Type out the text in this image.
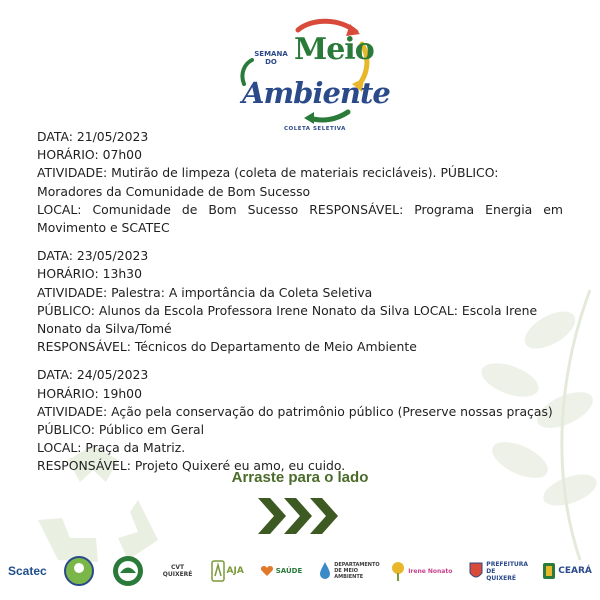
SEMANA DO Meio
Ambiente
COLETA SELETIVA

DATA: 21/05/2023

HORÁRIO: 07h00

ATIVIDADE: Mutirão de limpeza (coleta de materiais recicláveis). PÚBLICO:

Moradores da Comunidade de Bom Sucesso

LOCAL: Comunidade de Bom Sucesso RESPONSÁVEL: Programa Energia em

Movimento e SCATEC

DATA: 23/05/2023

HORÁRIO: 13h30

ATIVIDADE: Palestra: A importância da Coleta Seletiva

PÚBLICO: Alunos da Escola Professora Irene Nonato da Silva LOCAL: Escola Irene

Nonato da Silva/Tomé

RESPONSÁVEL: Técnicos do Departamento de Meio Ambiente

DATA: 24/05/2023

HORÁRIO: 19h00

ATIVIDADE: Ação pela conservação do patrimônio público (Preserve nossas praças)

PÚBLICO: Público em Geral

LOCAL: Praça da Matriz.

RESPONSÁVEL: Projeto Quixeré eu amo, eu cuido.

Arraste para o lado
Scatec	CVT QUIXERÉ	AJA	SAÚDE
DEPARTAMENTO DE MEIO AMBIENTE
Irene Nonato
PREFEITURA DE QUIXERÉ
CEARÁ
